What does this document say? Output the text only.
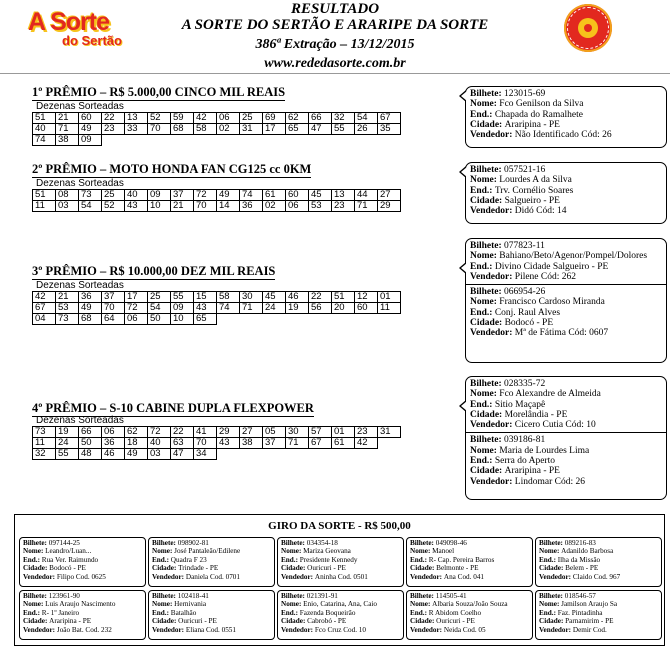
A Sorte
do Sertão
RESULTADO
A SORTE DO SERTÃO E ARARIPE DA SORTE
386ª Extração – 13/12/2015
www.rededasorte.com.br
1º PRÊMIO – R$ 5.000,00 CINCO MIL REAIS
Dezenas Sorteadas
51	21	60	22	13	52	59	42	06	25	69	62	66	32	54	67
40	71	49	23	33	70	68	58	02	31	17	65	47	55	26	35
74	38	09													
Bilhete: 123015-69
Nome: Fco Genilson da Silva
End.: Chapada do Ramalhete
Cidade: Araripina - PE
Vendedor: Não Identificado Cód: 26
2º PRÊMIO – MOTO HONDA FAN CG125 cc 0KM
Dezenas Sorteadas
51	08	73	25	40	09	37	72	49	74	61	60	45	13	44	27
11	03	54	52	43	10	21	70	14	36	02	06	53	23	71	29
Bilhete: 057521-16
Nome: Lourdes A da Silva
End.: Trv. Cornélio Soares
Cidade: Salgueiro - PE
Vendedor: Didó Cód: 14
3º PRÊMIO – R$ 10.000,00 DEZ MIL REAIS
Dezenas Sorteadas
42	21	36	37	17	25	55	15	58	30	45	46	22	51	12	01
67	53	49	70	72	54	09	43	74	71	24	19	56	20	60	11
04	73	68	64	06	50	10	65								
Bilhete: 077823-11
Nome: Bahiano/Beto/Agenor/Pompel/Dolores
End.: Divino Cidade Salgueiro - PE
Vendedor: Pilene Cód: 262
Bilhete: 066954-26
Nome: Francisco Cardoso Miranda
End.: Conj. Raul Alves
Cidade: Bodocó - PE
Vendedor: Mª de Fátima Cód: 0607
4º PRÊMIO – S-10 CABINE DUPLA FLEXPOWER
Dezenas Sorteadas
73	19	66	06	62	72	22	41	29	27	05	30	57	01	23	31
11	24	50	36	18	40	63	70	43	38	37	71	67	61	42	
32	55	48	46	49	03	47	34								
Bilhete: 028335-72
Nome: Fco Alexandre de Almeida
End.: Sitio Maçapê
Cidade: Morelândia - PE
Vendedor: Cicero Cutia Cód: 10
Bilhete: 039186-81
Nome: Maria de Lourdes Lima
End.: Serra do Aperto
Cidade: Araripina - PE
Vendedor: Lindomar Cód: 26
GIRO DA SORTE - R$ 500,00
Bilhete: 097144-25
Nome: Leandro/Luan...
End.: Rua Ver. Raimundo
Cidade: Bodocó - PE
Vendedor: Filipo Cod. 0625
Bilhete: 098902-81
Nome: José Pantaleão/Edilene
End.: Quadra F 23
Cidade: Trindade - PE
Vendedor: Daniela Cod. 0701
Bilhete: 034354-18
Nome: Mariza Geovana
End.: Presidente Kennedy
Cidade: Ouricuri - PE
Vendedor: Aninha Cod. 0501
Bilhete: 049098-46
Nome: Manoel
End.: R- Cap. Pereira Barros
Cidade: Belmonte - PE
Vendedor: Ana Cod. 041
Bilhete: 089216-83
Nome: Adanildo Barbosa
End.: Ilha da Missão
Cidade: Belem - PE
Vendedor: Claido Cod. 967
Bilhete: 123961-90
Nome: Luis Araujo Nascimento
End.: R- 1º Janeiro
Cidade: Araripina - PE
Vendedor: João Bat. Cod. 232
Bilhete: 102418-41
Nome: Hernivania
End.: Batalhão
Cidade: Ouricuri - PE
Vendedor: Eliana Cod. 0551
Bilhete: 021391-91
Nome: Enio, Catarina, Ana, Caio
End.: Fazenda Boqueirão
Cidade: Cabrobó - PE
Vendedor: Fco Cruz Cod. 10
Bilhete: 114505-41
Nome: Albaria Souza/João Souza
End.: R Abidom Coelho
Cidade: Ouricuri - PE
Vendedor: Neida Cod. 05
Bilhete: 018546-57
Nome: Jamilson Araujo Sa
End.: Faz. Pintadinha
Cidade: Parnamirim - PE
Vendedor: Demir Cod.
